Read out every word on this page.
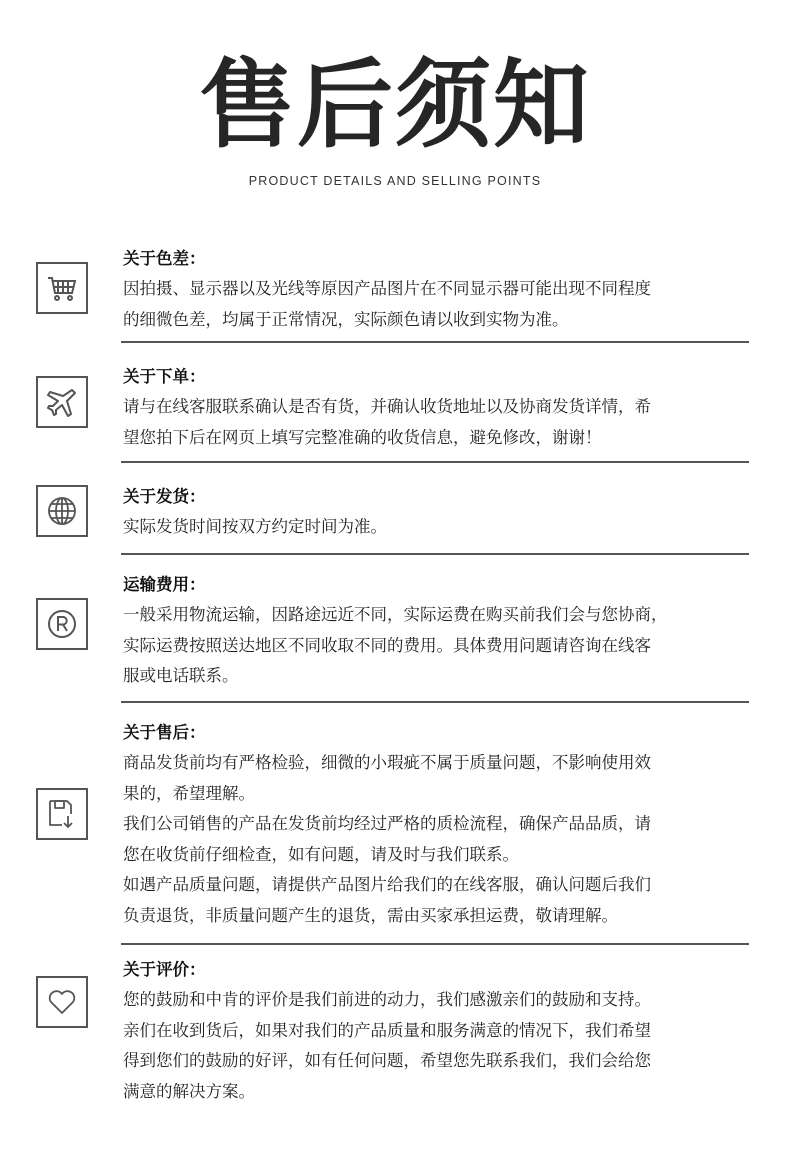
售后须知
PRODUCT DETAILS AND SELLING POINTS
关于色差：
因拍摄、显示器以及光线等原因产品图片在不同显示器可能出现不同程度
的细微色差，均属于正常情况，实际颜色请以收到实物为准。
关于下单：
请与在线客服联系确认是否有货，并确认收货地址以及协商发货详情，希
望您拍下后在网页上填写完整准确的收货信息，避免修改，谢谢！
关于发货：
实际发货时间按双方约定时间为准。
运输费用：
一般采用物流运输，因路途远近不同，实际运费在购买前我们会与您协商，
实际运费按照送达地区不同收取不同的费用。具体费用问题请咨询在线客
服或电话联系。
关于售后：
商品发货前均有严格检验，细微的小瑕疵不属于质量问题，不影响使用效
果的，希望理解。
我们公司销售的产品在发货前均经过严格的质检流程，确保产品品质，请
您在收货前仔细检查，如有问题，请及时与我们联系。
如遇产品质量问题，请提供产品图片给我们的在线客服，确认问题后我们
负责退货，非质量问题产生的退货，需由买家承担运费，敬请理解。
关于评价：
您的鼓励和中肯的评价是我们前进的动力，我们感激亲们的鼓励和支持。
亲们在收到货后，如果对我们的产品质量和服务满意的情况下，我们希望
得到您们的鼓励的好评，如有任何问题，希望您先联系我们，我们会给您
满意的解决方案。
